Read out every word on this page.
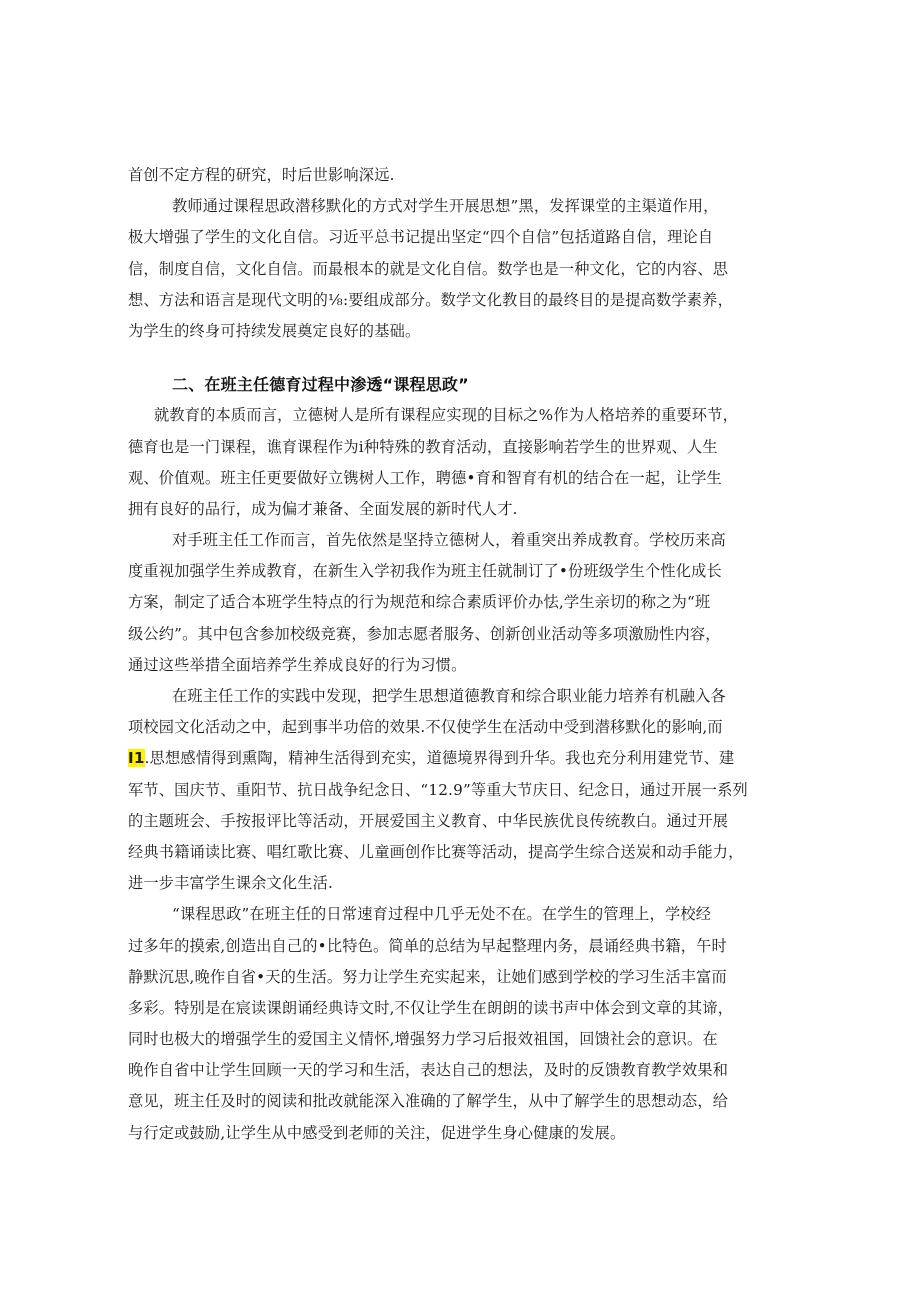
首创不定方程的研究，时后世影响深远.
教师通过课程思政潜移默化的方式对学生开展思想”黑，发挥课堂的主渠道作用，
极大增强了学生的文化自信。习近平总书记提出坚定“四个自信”包括道路自信，理论自
信，制度自信，文化自信。而最根本的就是文化自信。数学也是一种文化，它的内容、思
想、方法和语言是现代文明的⅛:要组成部分。数学文化教目的最终目的是提高数学素养，
为学生的终身可持续发展奠定良好的基础。
二、在班主任德育过程中渗透“课程思政”
就教育的本质而言，立德树人是所有课程应实现的目标之%作为人格培养的重要环节，
德育也是一门课程，谯育课程作为i种特殊的教育活动，直接影响若学生的世界观、人生
观、价值观。班主任更要做好立镌树人工作，聘德•育和智育有机的结合在一起，让学生
拥有良好的品行，成为偏才兼备、全面发展的新时代人才.
对手班主任工作而言，首先依然是坚持立德树人，着重突出养成教育。学校历来高
度重视加强学生养成教育，在新生入学初我作为班主任就制订了•份班级学生个性化成长
方案，制定了适合本班学生特点的行为规范和综合素质评价办怯,学生亲切的称之为“班
级公约”。其中包含参加校级竞赛，参加志愿者服务、创新创业活动等多项激励性内容，
通过这些举措全面培养学生养成良好的行为习惯。
在班主任工作的实践中发现，把学生思想道德教育和综合职业能力培养有机融入各
项校园文化活动之中，起到事半功倍的效果.不仅使学生在活动中受到潜移默化的影响,而
I1.思想感情得到熏陶，精神生活得到充实，道德境界得到升华。我也充分利用建党节、建
军节、国庆节、重阳节、抗日战争纪念日、“12.9”等重大节庆日、纪念日，通过开展一系列
的主题班会、手按报评比等活动，开展爱国主义教育、中华民族优良传统教白。通过开展
经典书籍诵读比赛、唱红歌比赛、儿童画创作比赛等活动，提高学生综合送炭和动手能力，
进一步丰富学生课余文化生活.
“课程思政”在班主任的日常速育过程中几乎无处不在。在学生的管理上，学校经
过多年的摸索,创造出自己的•比特色。简单的总结为早起整理内务，晨诵经典书籍，午时
静默沉思,晚作自省•天的生活。努力让学生充实起来，让她们感到学校的学习生活丰富而
多彩。特别是在宸读课朗诵经典诗文时,不仅让学生在朗朗的读书声中体会到文章的其谛，
同时也极大的增强学生的爱国主义情怀,增强努力学习后报效祖国，回馈社会的意识。在
晚作自省中让学生回顾一天的学习和生活，表达自己的想法，及时的反馈教育教学效果和
意见，班主任及时的阅读和批改就能深入准确的了解学生，从中了解学生的思想动态，给
与行定或鼓励,让学生从中感受到老师的关注，促进学生身心健康的发展。
